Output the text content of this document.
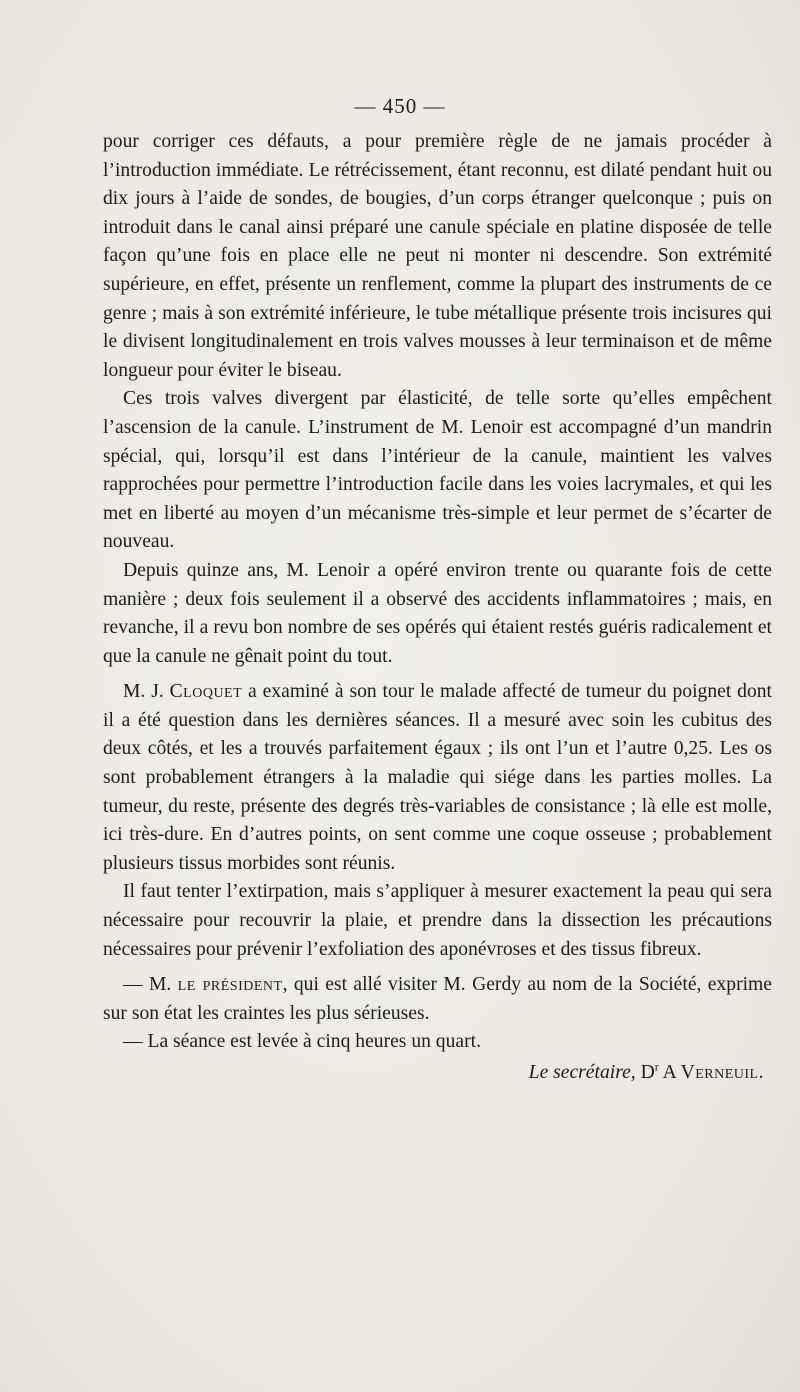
— 450 —

pour corriger ces défauts, a pour première règle de ne jamais procéder à l’introduction immédiate. Le rétrécissement, étant reconnu, est dilaté pendant huit ou dix jours à l’aide de sondes, de bougies, d’un corps étranger quelconque ; puis on introduit dans le canal ainsi préparé une canule spéciale en platine disposée de telle façon qu’une fois en place elle ne peut ni monter ni descendre. Son extrémité supérieure, en effet, présente un renflement, comme la plupart des instruments de ce genre ; mais à son extrémité inférieure, le tube métallique présente trois incisures qui le divisent longitudinalement en trois valves mousses à leur terminaison et de même longueur pour éviter le biseau.

Ces trois valves divergent par élasticité, de telle sorte qu’elles empêchent l’ascension de la canule. L’instrument de M. Lenoir est accompagné d’un mandrin spécial, qui, lorsqu’il est dans l’intérieur de la canule, maintient les valves rapprochées pour permettre l’introduction facile dans les voies lacrymales, et qui les met en liberté au moyen d’un mécanisme très-simple et leur permet de s’écarter de nouveau.

Depuis quinze ans, M. Lenoir a opéré environ trente ou quarante fois de cette manière ; deux fois seulement il a observé des accidents inflammatoires ; mais, en revanche, il a revu bon nombre de ses opérés qui étaient restés guéris radicalement et que la canule ne gênait point du tout.

M. J. Cloquet a examiné à son tour le malade affecté de tumeur du poignet dont il a été question dans les dernières séances. Il a mesuré avec soin les cubitus des deux côtés, et les a trouvés parfaitement égaux ; ils ont l’un et l’autre 0,25. Les os sont probablement étrangers à la maladie qui siége dans les parties molles. La tumeur, du reste, présente des degrés très-variables de consistance ; là elle est molle, ici très-dure. En d’autres points, on sent comme une coque osseuse ; probablement plusieurs tissus morbides sont réunis.

Il faut tenter l’extirpation, mais s’appliquer à mesurer exactement la peau qui sera nécessaire pour recouvrir la plaie, et prendre dans la dissection les précautions nécessaires pour prévenir l’exfoliation des aponévroses et des tissus fibreux.

— M. le président, qui est allé visiter M. Gerdy au nom de la Société, exprime sur son état les craintes les plus sérieuses.

— La séance est levée à cinq heures un quart.

Le secrétaire, $D^r$ A Verneuil.
